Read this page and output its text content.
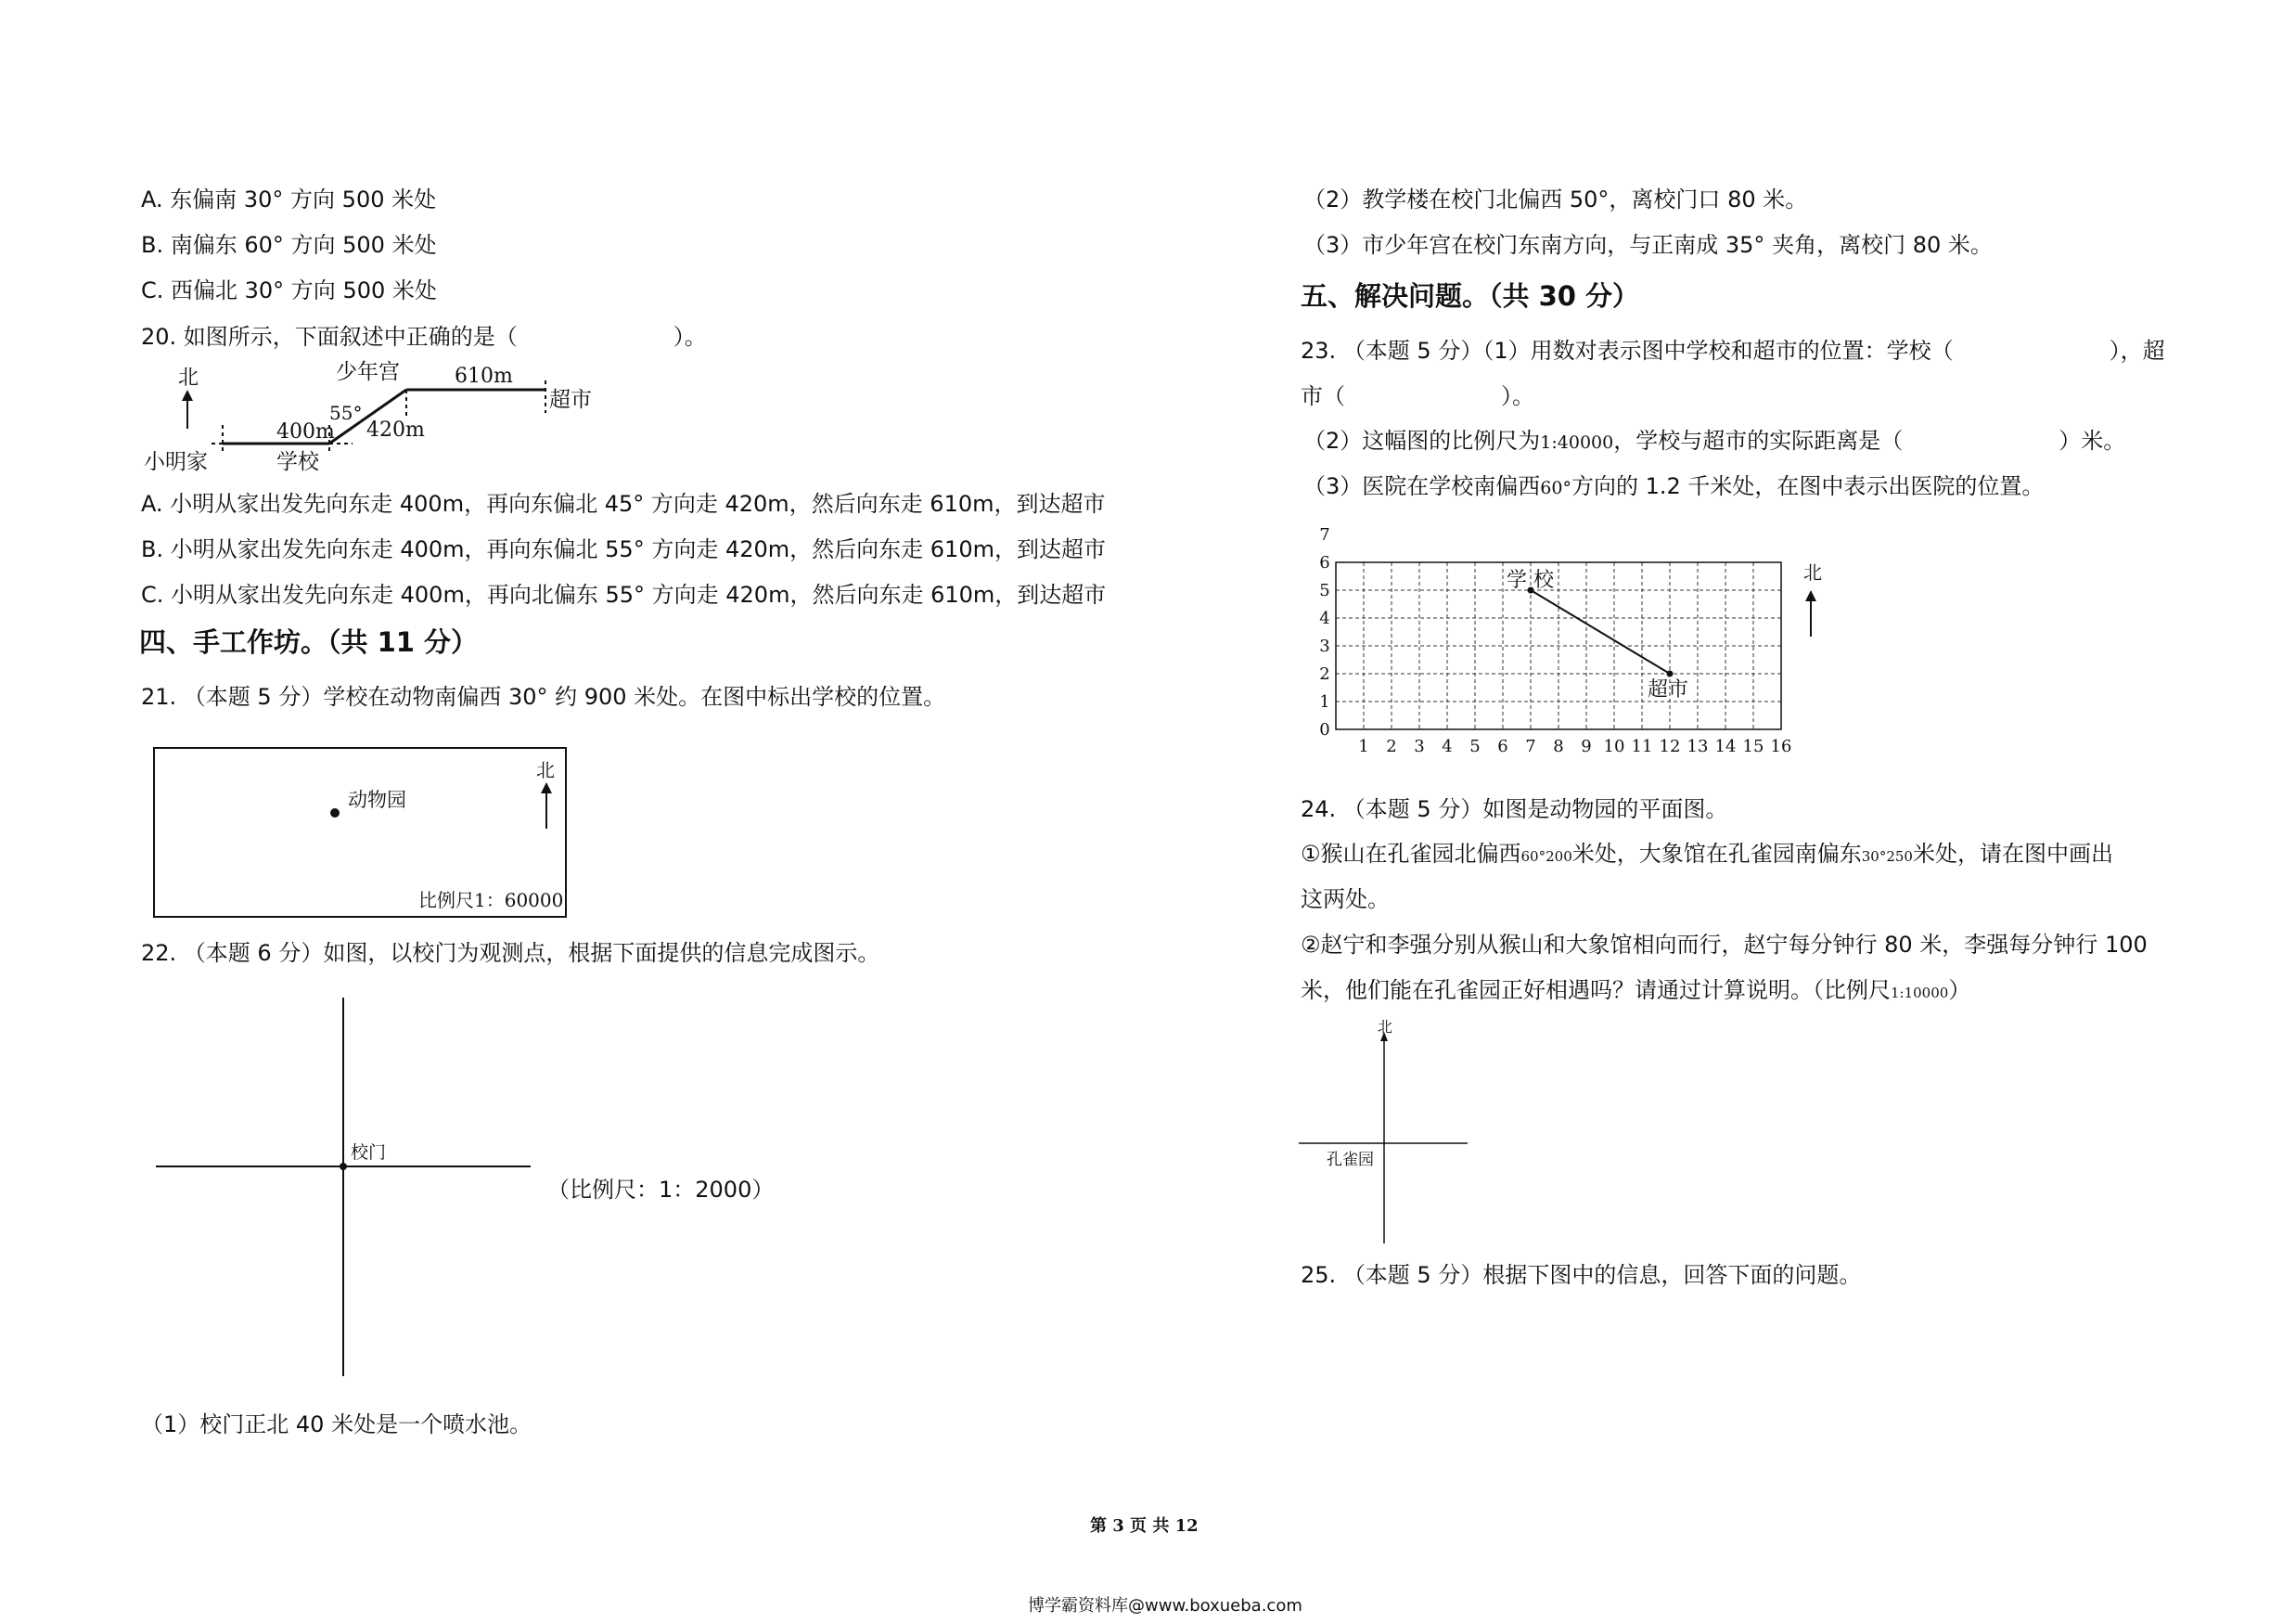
A. 东偏南 30° 方向 500 米处
B. 南偏东 60° 方向 500 米处
C. 西偏北 30° 方向 500 米处
20. 如图所示，下面叙述中正确的是（　　　　　　　）。
北
小明家
400m
学校
55°
420m
少年宫	610m
超市
A. 小明从家出发先向东走 400m，再向东偏北 45° 方向走 420m，然后向东走 610m，到达超市
B. 小明从家出发先向东走 400m，再向东偏北 55° 方向走 420m，然后向东走 610m，到达超市
C. 小明从家出发先向东走 400m，再向北偏东 55° 方向走 420m，然后向东走 610m，到达超市
四、手工作坊。（共 11 分）
21. （本题 5 分）学校在动物南偏西 30° 约 900 米处。在图中标出学校的位置。
动物园
北
比例尺1：60000
22. （本题 6 分）如图，以校门为观测点，根据下面提供的信息完成图示。
校门
（比例尺：1：2000）
（1）校门正北 40 米处是一个喷水池。
（2）教学楼在校门北偏西 50°，离校门口 80 米。
（3）市少年宫在校门东南方向，与正南成 35° 夹角，离校门 80 米。
五、解决问题。（共 30 分）
23. （本题 5 分）（1）用数对表示图中学校和超市的位置：学校（　　　　　　　），超
市（　　　　　　　）。
（2）这幅图的比例尺为1:40000，学校与超市的实际距离是（　　　　　　　）米。
（3）医院在学校南偏西60°方向的 1.2 千米处，在图中表示出医院的位置。
1 2 3 4 5 6 7 8 9 10 11 12 13 14 15 16
0
1
2
3
4
5
6
7
学 校
超市
北
24. （本题 5 分）如图是动物园的平面图。
①猴山在孔雀园北偏西60°200米处，大象馆在孔雀园南偏东30°250米处，请在图中画出
这两处。
②赵宁和李强分别从猴山和大象馆相向而行，赵宁每分钟行 80 米，李强每分钟行 100
米，他们能在孔雀园正好相遇吗？请通过计算说明。（比例尺1:10000）
北
孔雀园
25. （本题 5 分）根据下图中的信息，回答下面的问题。
第 3 页 共 12
博学霸资料库@www.boxueba.com
